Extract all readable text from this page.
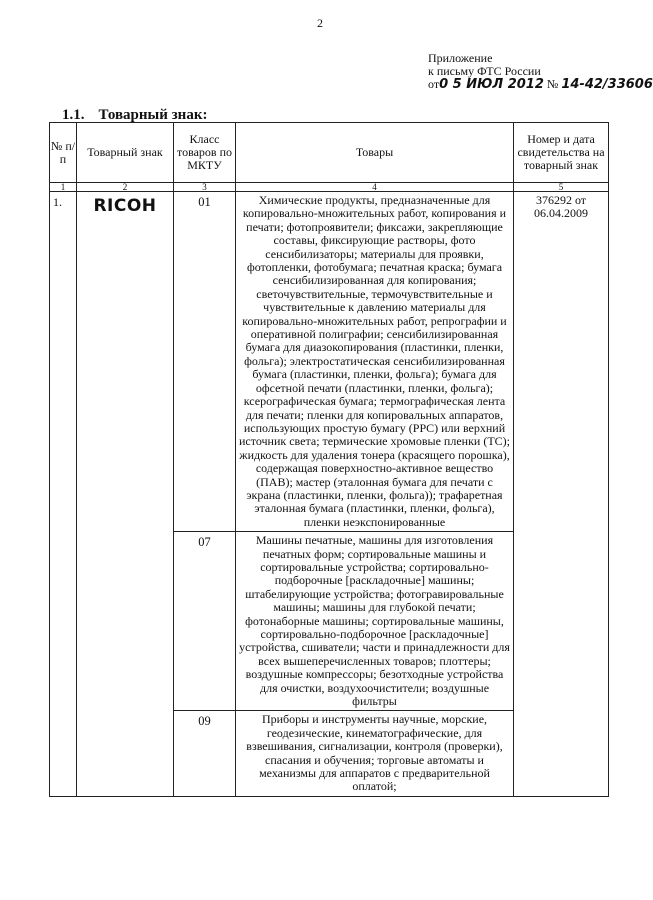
2
Приложение
к письму ФТС России
от0 5 ИЮЛ 2012 № 14-42/33606
1.1. Товарный знак:
№ п/п	Товарный знак	Класс товаров по МКТУ	Товары	Номер и дата свидетельства на товарный знак
1	2	3	4	5
1.	RICOH	01	Химические продукты, предназначенные для копировально-множительных работ, копирования и печати; фотопроявители; фиксажи, закрепляющие составы, фиксирующие растворы, фото сенсибилизаторы; материалы для проявки, фотопленки, фотобумага; печатная краска; бумага сенсибилизированная для копирования; светочувствительные, термочувствительные и чувствительные к давлению материалы для копировально-множительных работ, репрографии и оперативной полиграфии; сенсибилизированная бумага для диазокопирования (пластинки, пленки, фольга); электростатическая сенсибилизированная бумага (пластинки, пленки, фольга); бумага для офсетной печати (пластинки, пленки, фольга); ксерографическая бумага; термографическая лента для печати; пленки для копировальных аппаратов, использующих простую бумагу (PPC) или верхний источник света; термические хромовые пленки (TC); жидкость для удаления тонера (красящего порошка), содержащая поверхностно-активное вещество (ПАВ); мастер (эталонная бумага для печати с экрана (пластинки, пленки, фольга)); трафаретная эталонная бумага (пластинки, пленки, фольга), пленки неэкспонированные	376292 от 06.04.2009
		07	Машины печатные, машины для изготовления печатных форм; сортировальные машины и сортировальные устройства; сортировально-подборочные [раскладочные] машины; штабелирующие устройства; фотогравировальные машины; машины для глубокой печати; фотонаборные машины; сортировальные машины, сортировально-подборочное [раскладочные] устройства, сшиватели; части и принадлежности для всех вышеперечисленных товаров; плоттеры; воздушные компрессоры; безотходные устройства для очистки, воздухоочистители; воздушные фильтры	
		09	Приборы и инструменты научные, морские, геодезические, кинематографические, для взвешивания, сигнализации, контроля (проверки), спасания и обучения; торговые автоматы и механизмы для аппаратов с предварительной оплатой;	
